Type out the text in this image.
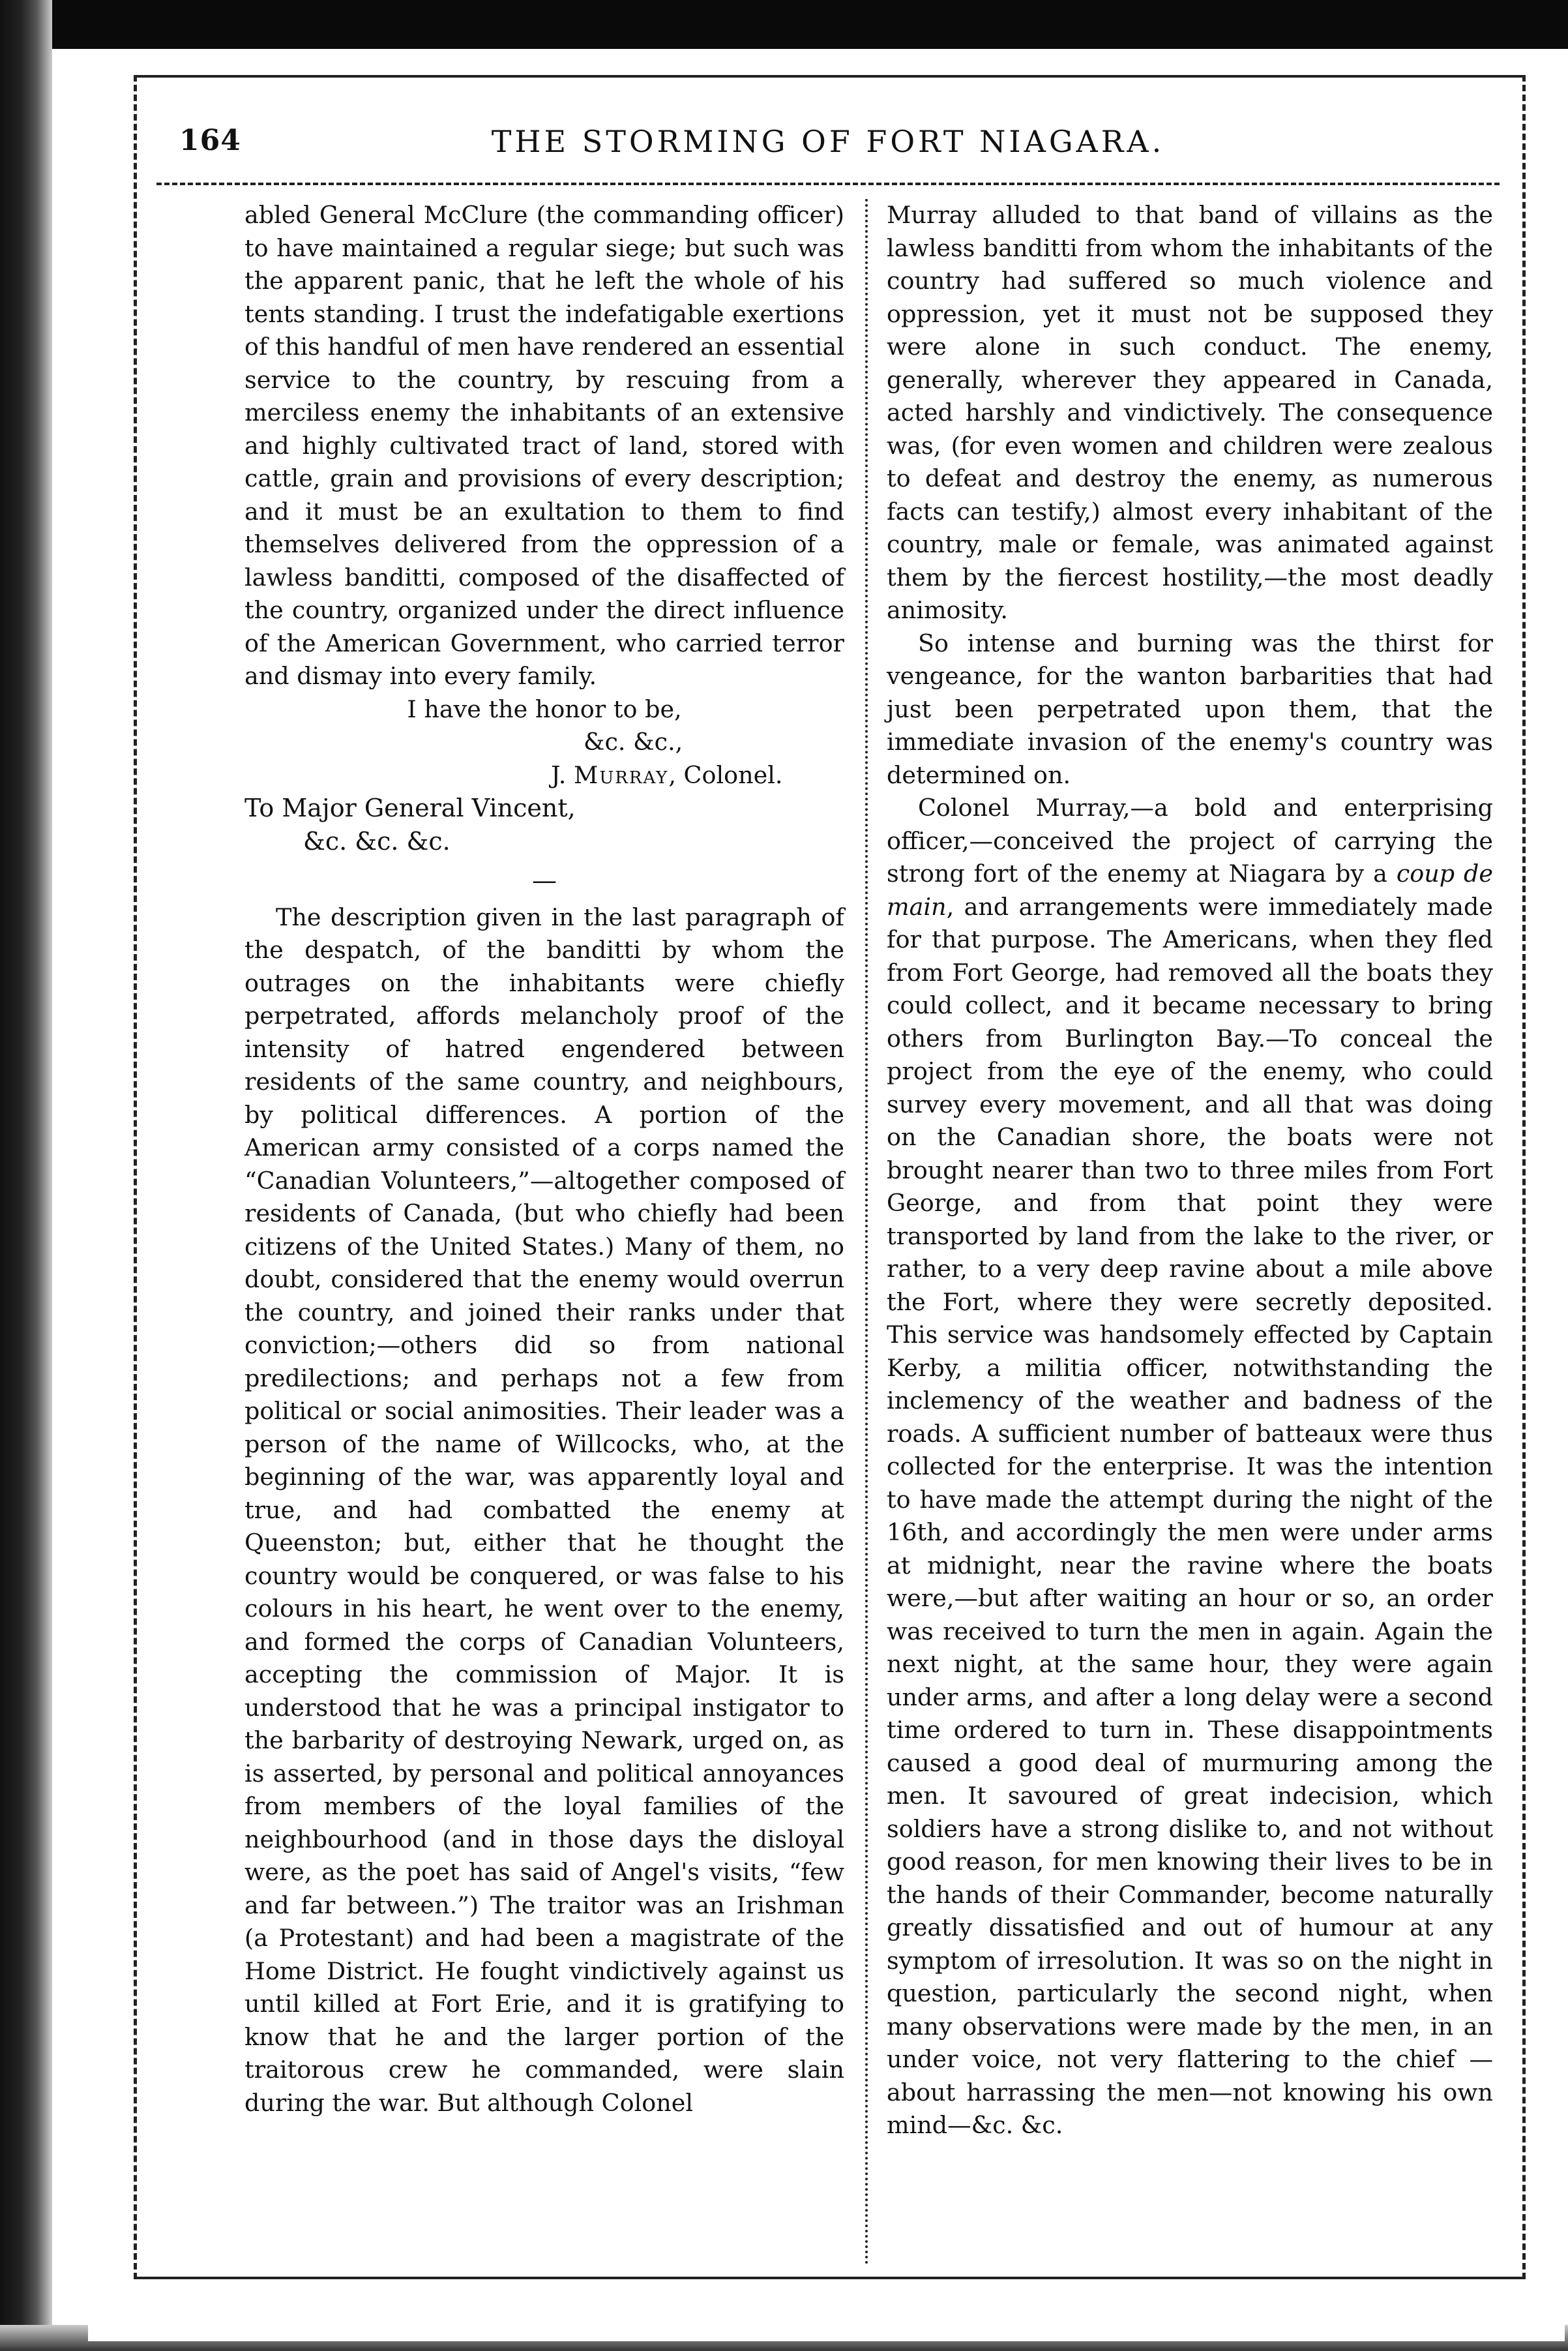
164	THE STORMING OF FORT NIAGARA.

abled General McClure (the commanding officer) to have maintained a regular siege; but such was the apparent panic, that he left the whole of his tents standing. I trust the indefatigable exertions of this handful of men have rendered an essential service to the country, by rescuing from a merciless enemy the inhabitants of an extensive and highly cultivated tract of land, stored with cattle, grain and provisions of every description; and it must be an exultation to them to find themselves delivered from the oppression of a lawless banditti, composed of the disaffected of the country, organized under the direct influence of the American Government, who carried terror and dismay into every family.

I have the honor to be,

&c. &c.,

J. Murray, Colonel.

To Major General Vincent,

&c. &c. &c.

—

The description given in the last paragraph of the despatch, of the banditti by whom the outrages on the inhabitants were chiefly perpetrated, affords melancholy proof of the intensity of hatred engendered between residents of the same country, and neighbours, by political differences. A portion of the American army consisted of a corps named the “Canadian Volunteers,”—altogether composed of residents of Canada, (but who chiefly had been citizens of the United States.) Many of them, no doubt, considered that the enemy would overrun the country, and joined their ranks under that conviction;—others did so from national predilections; and perhaps not a few from political or social animosities. Their leader was a person of the name of Willcocks, who, at the beginning of the war, was apparently loyal and true, and had combatted the enemy at Queenston; but, either that he thought the country would be conquered, or was false to his colours in his heart, he went over to the enemy, and formed the corps of Canadian Volunteers, accepting the commission of Major. It is understood that he was a principal instigator to the barbarity of destroying Newark, urged on, as is asserted, by personal and political annoyances from members of the loyal families of the neighbourhood (and in those days the disloyal were, as the poet has said of Angel's visits, “few and far between.”) The traitor was an Irishman (a Protestant) and had been a magistrate of the Home District. He fought vindictively against us until killed at Fort Erie, and it is gratifying to know that he and the larger portion of the traitorous crew he commanded, were slain during the war. But although Colonel

Murray alluded to that band of villains as the lawless banditti from whom the inhabitants of the country had suffered so much violence and oppression, yet it must not be supposed they were alone in such conduct. The enemy, generally, wherever they appeared in Canada, acted harshly and vindictively. The consequence was, (for even women and children were zealous to defeat and destroy the enemy, as numerous facts can testify,) almost every inhabitant of the country, male or female, was animated against them by the fiercest hostility,—the most deadly animosity.

So intense and burning was the thirst for vengeance, for the wanton barbarities that had just been perpetrated upon them, that the immediate invasion of the enemy's country was determined on.

Colonel Murray,—a bold and enterprising officer,—conceived the project of carrying the strong fort of the enemy at Niagara by a coup de main, and arrangements were immediately made for that purpose. The Americans, when they fled from Fort George, had removed all the boats they could collect, and it became necessary to bring others from Burlington Bay.—To conceal the project from the eye of the enemy, who could survey every movement, and all that was doing on the Canadian shore, the boats were not brought nearer than two to three miles from Fort George, and from that point they were transported by land from the lake to the river, or rather, to a very deep ravine about a mile above the Fort, where they were secretly deposited. This service was handsomely effected by Captain Kerby, a militia officer, notwithstanding the inclemency of the weather and badness of the roads. A sufficient number of batteaux were thus collected for the enterprise. It was the intention to have made the attempt during the night of the 16th, and accordingly the men were under arms at midnight, near the ravine where the boats were,—but after waiting an hour or so, an order was received to turn the men in again. Again the next night, at the same hour, they were again under arms, and after a long delay were a second time ordered to turn in. These disappointments caused a good deal of murmuring among the men. It savoured of great indecision, which soldiers have a strong dislike to, and not without good reason, for men knowing their lives to be in the hands of their Commander, become naturally greatly dissatisfied and out of humour at any symptom of irresolution. It was so on the night in question, particularly the second night, when many observations were made by the men, in an under voice, not very flattering to the chief —about harrassing the men—not knowing his own mind—&c. &c.
